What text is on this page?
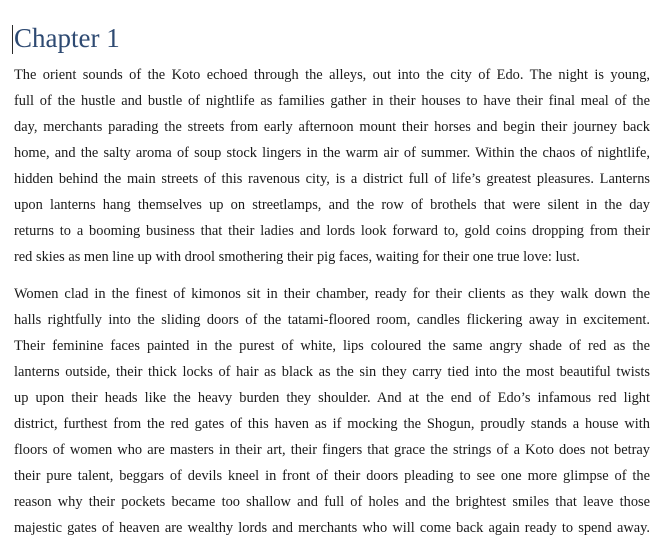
Chapter 1
The orient sounds of the Koto echoed through the alleys, out into the city of Edo. The night is young,
full of the hustle and bustle of nightlife as families gather in their houses to have their final meal of the
day, merchants parading the streets from early afternoon mount their horses and begin their journey back
home, and the salty aroma of soup stock lingers in the warm air of summer. Within the chaos of nightlife,
hidden behind the main streets of this ravenous city, is a district full of life’s greatest pleasures. Lanterns
upon lanterns hang themselves up on streetlamps, and the row of brothels that were silent in the day
returns to a booming business that their ladies and lords look forward to, gold coins dropping from their
red skies as men line up with drool smothering their pig faces, waiting for their one true love: lust.
Women clad in the finest of kimonos sit in their chamber, ready for their clients as they walk down the
halls rightfully into the sliding doors of the tatami-floored room, candles flickering away in excitement.
Their feminine faces painted in the purest of white, lips coloured the same angry shade of red as the
lanterns outside, their thick locks of hair as black as the sin they carry tied into the most beautiful twists
up upon their heads like the heavy burden they shoulder. And at the end of Edo’s infamous red light
district, furthest from the red gates of this haven as if mocking the Shogun, proudly stands a house with
floors of women who are masters in their art, their fingers that grace the strings of a Koto does not betray
their pure talent, beggars of devils kneel in front of their doors pleading to see one more glimpse of the
reason why their pockets became too shallow and full of holes and the brightest smiles that leave those
majestic gates of heaven are wealthy lords and merchants who will come back again ready to spend away.
